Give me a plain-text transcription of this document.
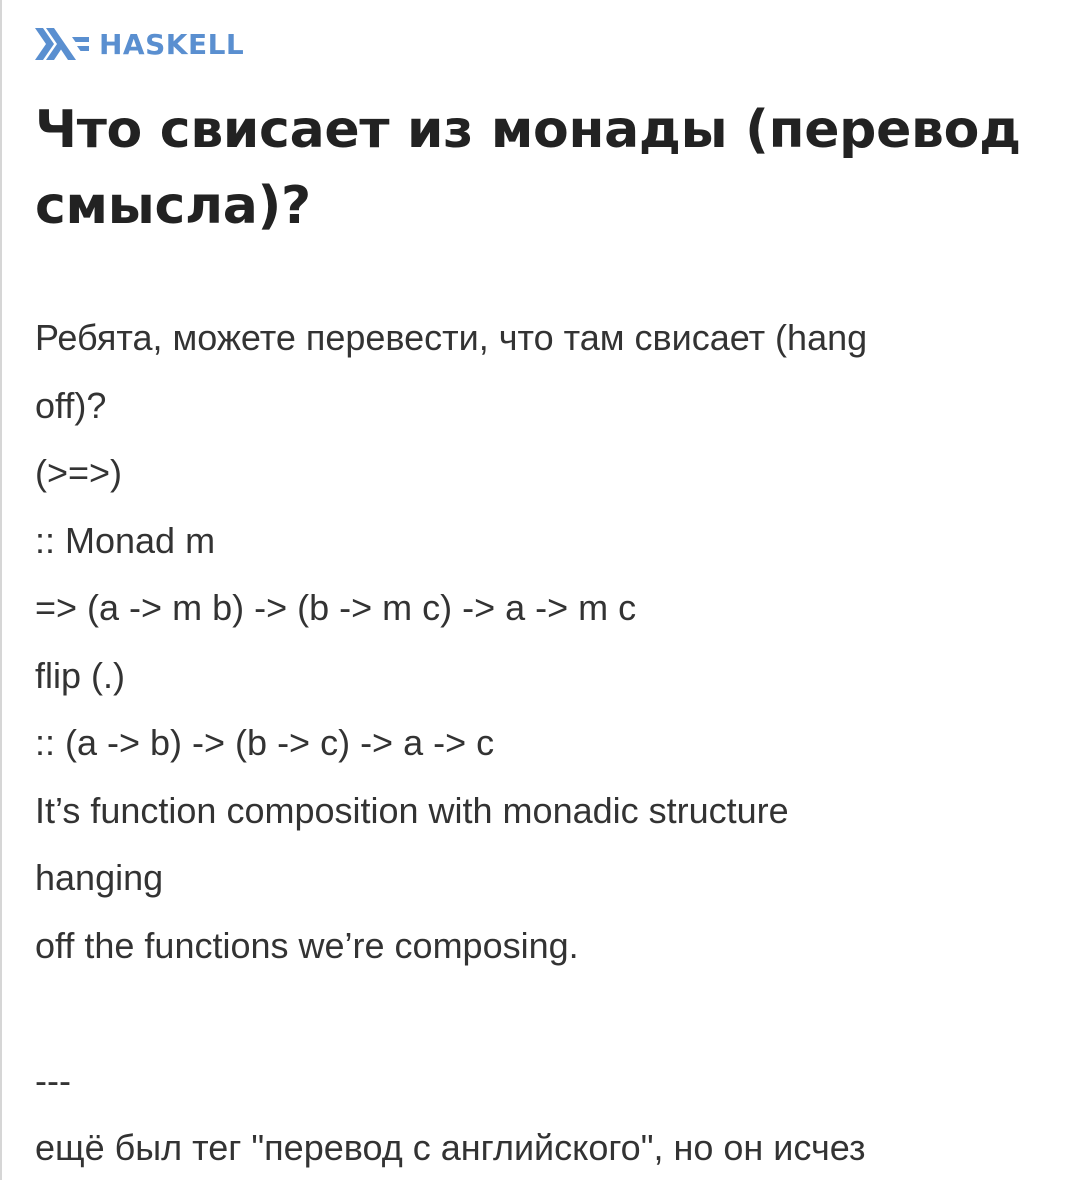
HASKELL
Что свисает из монады (перевод смысла)?
Ребята, можете перевести, что там свисает (hang
off)?
(>=>)
:: Monad m
=> (a -> m b) -> (b -> m c) -> a -> m c
flip (.)
:: (a -> b) -> (b -> c) -> a -> c
It’s function composition with monadic structure
hanging
off the functions we’re composing.
---
ещё был тег "перевод с английского", но он исчез
